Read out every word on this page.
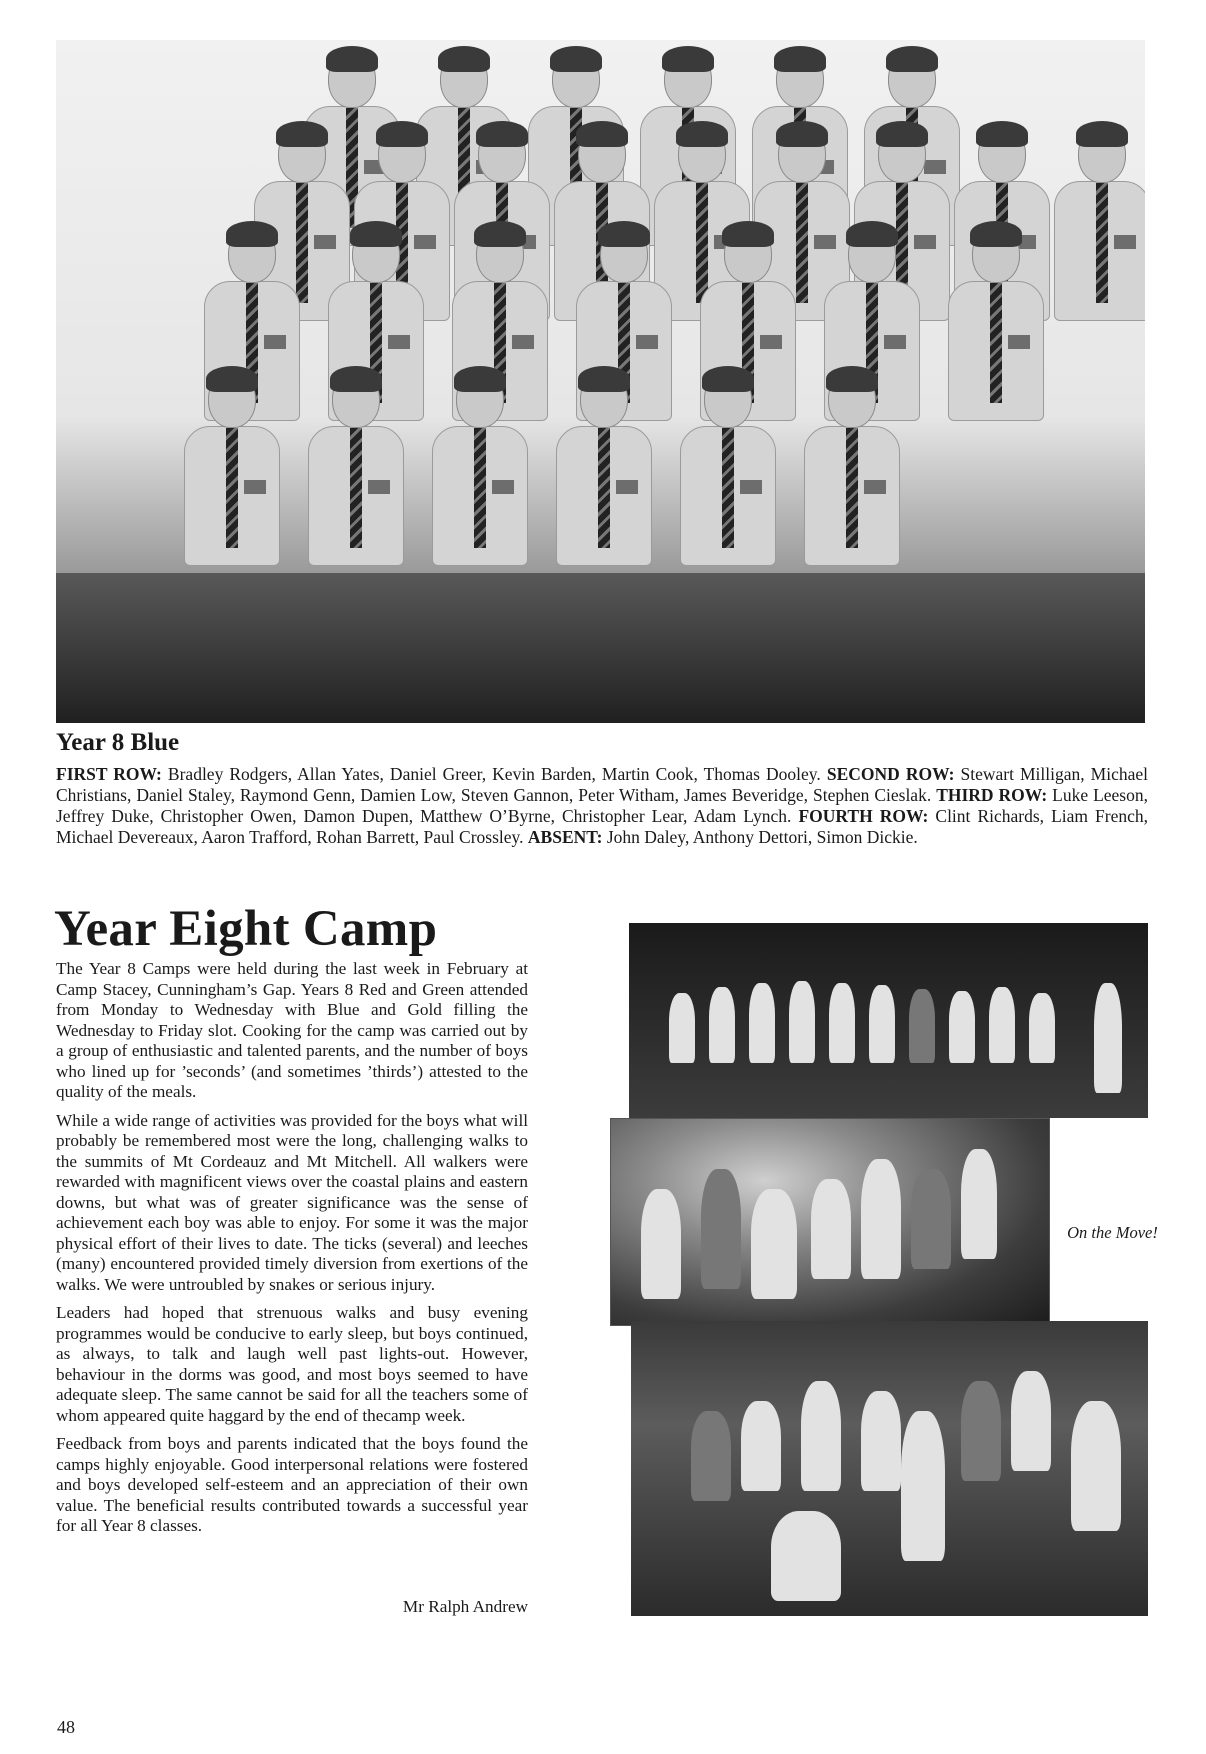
Year 8 Blue
FIRST ROW: Bradley Rodgers, Allan Yates, Daniel Greer, Kevin Barden, Martin Cook, Thomas Dooley. SECOND ROW: Stewart Milligan, Michael Christians, Daniel Staley, Raymond Genn, Damien Low, Steven Gannon, Peter Witham, James Beveridge, Stephen Cieslak. THIRD ROW: Luke Leeson, Jeffrey Duke, Christopher Owen, Damon Dupen, Matthew O’Byrne, Christopher Lear, Adam Lynch. FOURTH ROW: Clint Richards, Liam French, Michael Devereaux, Aaron Trafford, Rohan Barrett, Paul Crossley. ABSENT: John Daley, Anthony Dettori, Simon Dickie.
Year Eight Camp

The Year 8 Camps were held during the last week in February at Camp Stacey, Cunningham’s Gap. Years 8 Red and Green attended from Monday to Wednesday with Blue and Gold filling the Wednesday to Friday slot. Cooking for the camp was carried out by a group of enthusiastic and talented parents, and the number of boys who lined up for ’seconds’ (and sometimes ’thirds’) attested to the quality of the meals.

While a wide range of activities was provided for the boys what will probably be remembered most were the long, challenging walks to the summits of Mt Cordeauz and Mt Mitchell. All walkers were rewarded with magnificent views over the coastal plains and eastern downs, but what was of greater significance was the sense of achievement each boy was able to enjoy. For some it was the major physical effort of their lives to date. The ticks (several) and leeches (many) encountered provided timely diversion from exertions of the walks. We were untroubled by snakes or serious injury.

Leaders had hoped that strenuous walks and busy evening programmes would be conducive to early sleep, but boys continued, as always, to talk and laugh well past lights-out. However, behaviour in the dorms was good, and most boys seemed to have adequate sleep. The same cannot be said for all the teachers some of whom appeared quite haggard by the end of thecamp week.

Feedback from boys and parents indicated that the boys found the camps highly enjoyable. Good interpersonal relations were fostered and boys developed self-esteem and an appreciation of their own value. The beneficial results contributed towards a successful year for all Year 8 classes.

Mr Ralph Andrew
On the Move!
48
